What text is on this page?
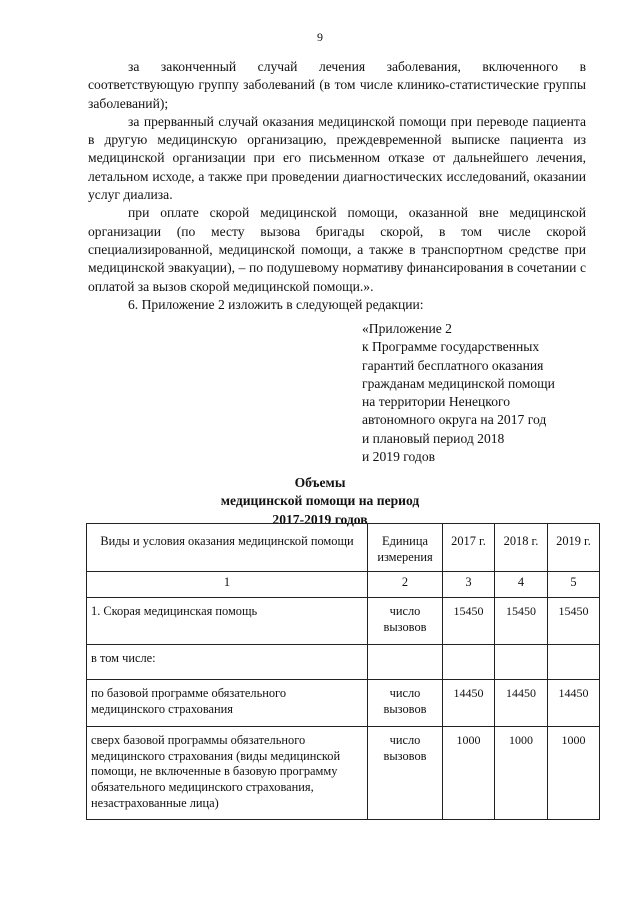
9

за законченный случай лечения заболевания, включенного в соответствующую группу заболеваний (в том числе клинико-статистические группы заболеваний);

за прерванный случай оказания медицинской помощи при переводе пациента в другую медицинскую организацию, преждевременной выписке пациента из медицинской организации при его письменном отказе от дальнейшего лечения, летальном исходе, а также при проведении диагностических исследований, оказании услуг диализа.

при оплате скорой медицинской помощи, оказанной вне медицинской организации (по месту вызова бригады скорой, в том числе скорой специализированной, медицинской помощи, а также в транспортном средстве при медицинской эвакуации), – по подушевому нормативу финансирования в сочетании с оплатой за вызов скорой медицинской помощи.».

6. Приложение 2 изложить в следующей редакции:

«Приложение 2
к Программе государственных
гарантий бесплатного оказания
гражданам медицинской помощи
на территории Ненецкого
автономного округа на 2017 год
и плановый период 2018
и 2019 годов
Объемы
медицинской помощи на период
2017-2019 годов
Виды и условия оказания медицинской помощи	Единица измерения	2017 г.	2018 г.	2019 г.
1	2	3	4	5
1. Скорая медицинская помощь	число вызовов	15450	15450	15450
в том числе:				
по базовой программе обязательного медицинского страхования	число вызовов	14450	14450	14450
сверх базовой программы обязательного медицинского страхования (виды медицинской помощи, не включенные в базовую программу обязательного медицинского страхования, незастрахованные лица)	число вызовов	1000	1000	1000
